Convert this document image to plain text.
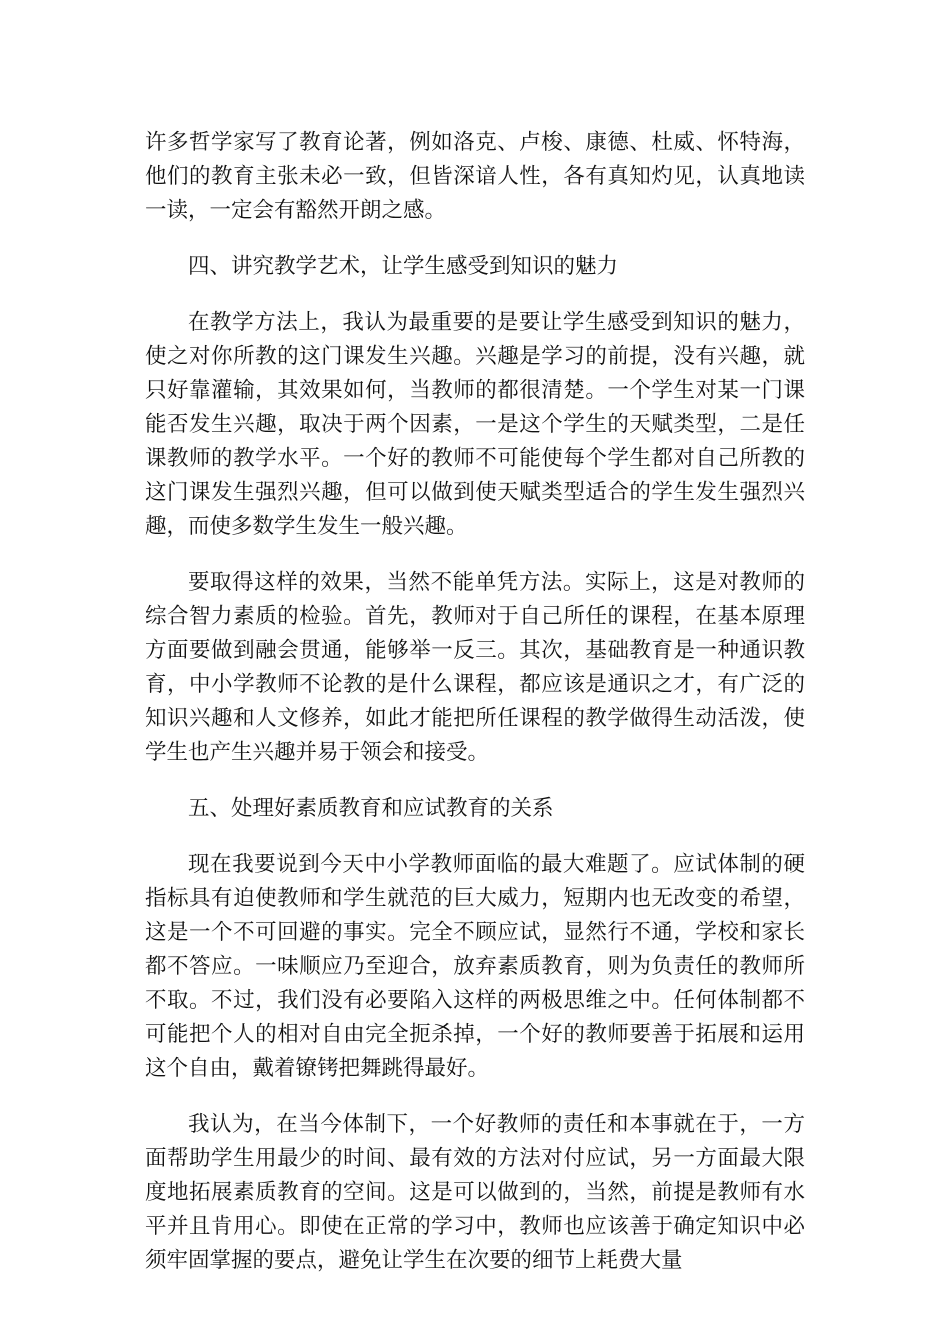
许多哲学家写了教育论著，例如洛克、卢梭、康德、杜威、怀特海，他们的教育主张未必一致，但皆深谙人性，各有真知灼见，认真地读一读，一定会有豁然开朗之感。

四、讲究教学艺术，让学生感受到知识的魅力

在教学方法上，我认为最重要的是要让学生感受到知识的魅力，使之对你所教的这门课发生兴趣。兴趣是学习的前提，没有兴趣，就只好靠灌输，其效果如何，当教师的都很清楚。一个学生对某一门课能否发生兴趣，取决于两个因素，一是这个学生的天赋类型，二是任课教师的教学水平。一个好的教师不可能使每个学生都对自己所教的这门课发生强烈兴趣，但可以做到使天赋类型适合的学生发生强烈兴趣，而使多数学生发生一般兴趣。

要取得这样的效果，当然不能单凭方法。实际上，这是对教师的综合智力素质的检验。首先，教师对于自己所任的课程，在基本原理方面要做到融会贯通，能够举一反三。其次，基础教育是一种通识教育，中小学教师不论教的是什么课程，都应该是通识之才，有广泛的知识兴趣和人文修养，如此才能把所任课程的教学做得生动活泼，使学生也产生兴趣并易于领会和接受。

五、处理好素质教育和应试教育的关系

现在我要说到今天中小学教师面临的最大难题了。应试体制的硬指标具有迫使教师和学生就范的巨大威力，短期内也无改变的希望，这是一个不可回避的事实。完全不顾应试，显然行不通，学校和家长都不答应。一味顺应乃至迎合，放弃素质教育，则为负责任的教师所不取。不过，我们没有必要陷入这样的两极思维之中。任何体制都不可能把个人的相对自由完全扼杀掉，一个好的教师要善于拓展和运用这个自由，戴着镣铐把舞跳得最好。

我认为，在当今体制下，一个好教师的责任和本事就在于，一方面帮助学生用最少的时间、最有效的方法对付应试，另一方面最大限度地拓展素质教育的空间。这是可以做到的，当然，前提是教师有水平并且肯用心。即使在正常的学习中，教师也应该善于确定知识中必须牢固掌握的要点，避免让学生在次要的细节上耗费大量
